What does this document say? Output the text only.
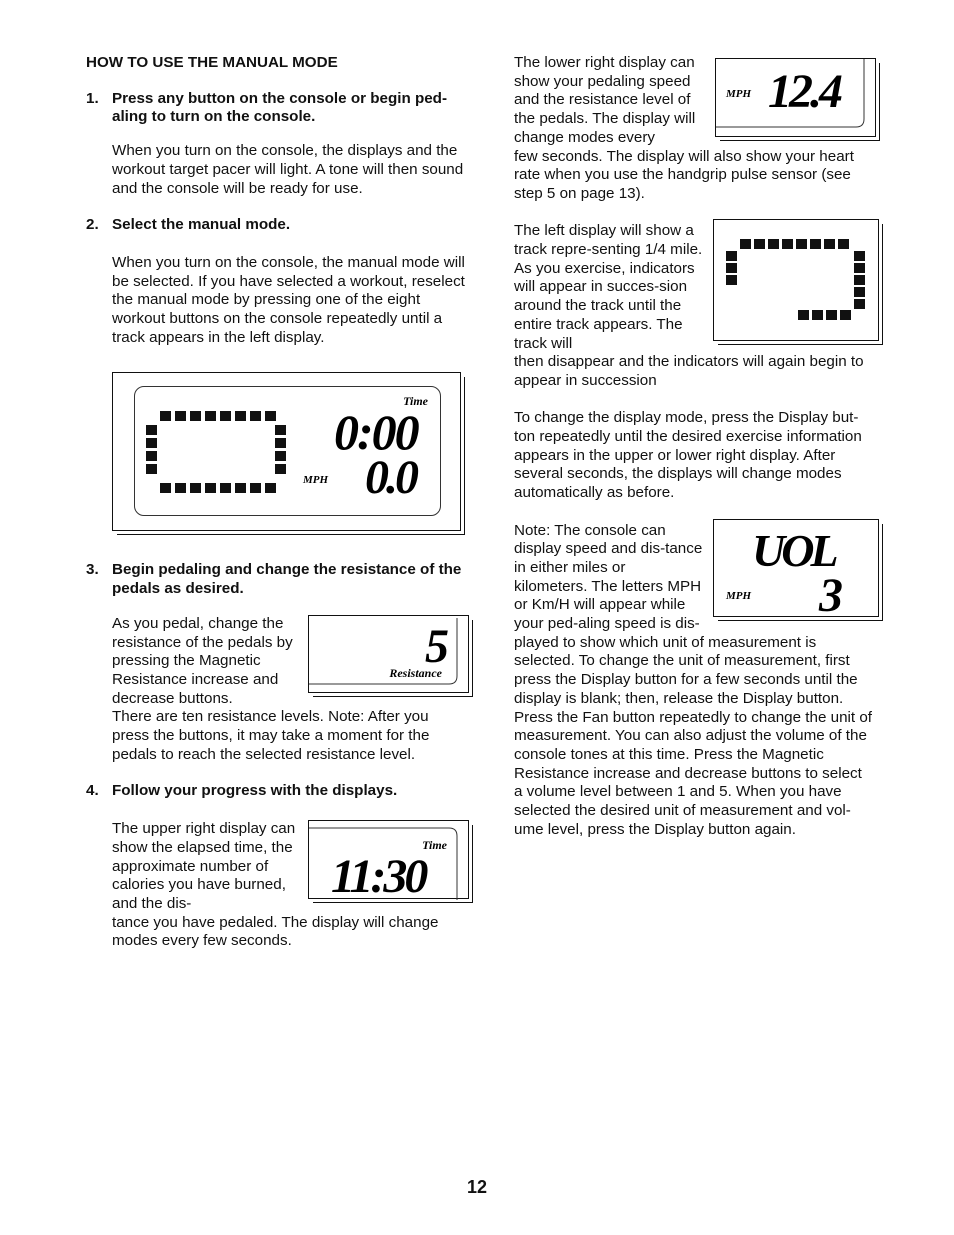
HOW TO USE THE MANUAL MODE
1. Press any button on the console or begin ped-aling to turn on the console.

When you turn on the console, the displays and the workout target pacer will light. A tone will then sound and the console will be ready for use.

2. Select the manual mode.

When you turn on the console, the manual mode will be selected. If you have selected a workout, reselect the manual mode by pressing one of the eight workout buttons on the console repeatedly until a track appears in the left display.

Time
0:00
MPH 0.0
3. Begin pedaling and change the resistance of the pedals as desired.
5
Resistance

As you pedal, change the resistance of the pedals by pressing the Magnetic Resistance increase and decrease buttons.

There are ten resistance levels. Note: After you press the buttons, it may take a moment for the pedals to reach the selected resistance level.

4. Follow your progress with the displays.
Time
11:30

The upper right display can show the elapsed time, the approximate number of calories you have burned, and the dis-

tance you have pedaled. The display will change modes every few seconds.

MPH 12.4

The lower right display can show your pedaling speed and the resistance level of the pedals. The display will change modes every

few seconds. The display will also show your heart rate when you use the handgrip pulse sensor (see step 5 on page 13).

The left display will show a track repre-senting 1/4 mile. As you exercise, indicators will appear in succes-sion around the track until the entire track appears. The track will

then disappear and the indicators will again begin to appear in succession

To change the display mode, press the Display but-ton repeatedly until the desired exercise information appears in the upper or lower right display. After several seconds, the displays will change modes automatically as before.

UOL
MPH 3

Note: The console can display speed and dis-tance in either miles or kilometers. The letters MPH or Km/H will appear while your ped-aling speed is dis-

played to show which unit of measurement is selected. To change the unit of measurement, first press the Display button for a few seconds until the display is blank; then, release the Display button. Press the Fan button repeatedly to change the unit of measurement. You can also adjust the volume of the console tones at this time. Press the Magnetic Resistance increase and decrease buttons to select a volume level between 1 and 5. When you have selected the desired unit of measurement and vol-ume level, press the Display button again.

12
